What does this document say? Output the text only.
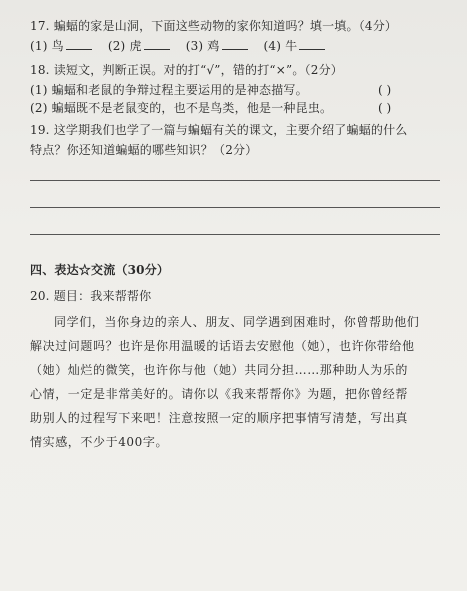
17. 蝙蝠的家是山洞，下面这些动物的家你知道吗？填一填。（4分）
(1) 鸟	(2) 虎	(3) 鸡	(4) 牛
18. 读短文，判断正误。对的打“√”，错的打“×”。（2分）
(1) 蝙蝠和老鼠的争辩过程主要运用的是神态描写。	( )
(2) 蝙蝠既不是老鼠变的，也不是鸟类，他是一种昆虫。	( )
19. 这学期我们也学了一篇与蝙蝠有关的课文，主要介绍了蝙蝠的什么
特点？你还知道蝙蝠的哪些知识？（2分）
四、表达☆交流（30分）
20. 题目：我来帮帮你
同学们，当你身边的亲人、朋友、同学遇到困难时，你曾帮助他们解决过问题吗？也许是你用温暖的话语去安慰他（她），也许你带给他（她）灿烂的微笑，也许你与他（她）共同分担……那种助人为乐的心情，一定是非常美好的。请你以《我来帮帮你》为题，把你曾经帮助别人的过程写下来吧！注意按照一定的顺序把事情写清楚，写出真情实感，不少于400字。
